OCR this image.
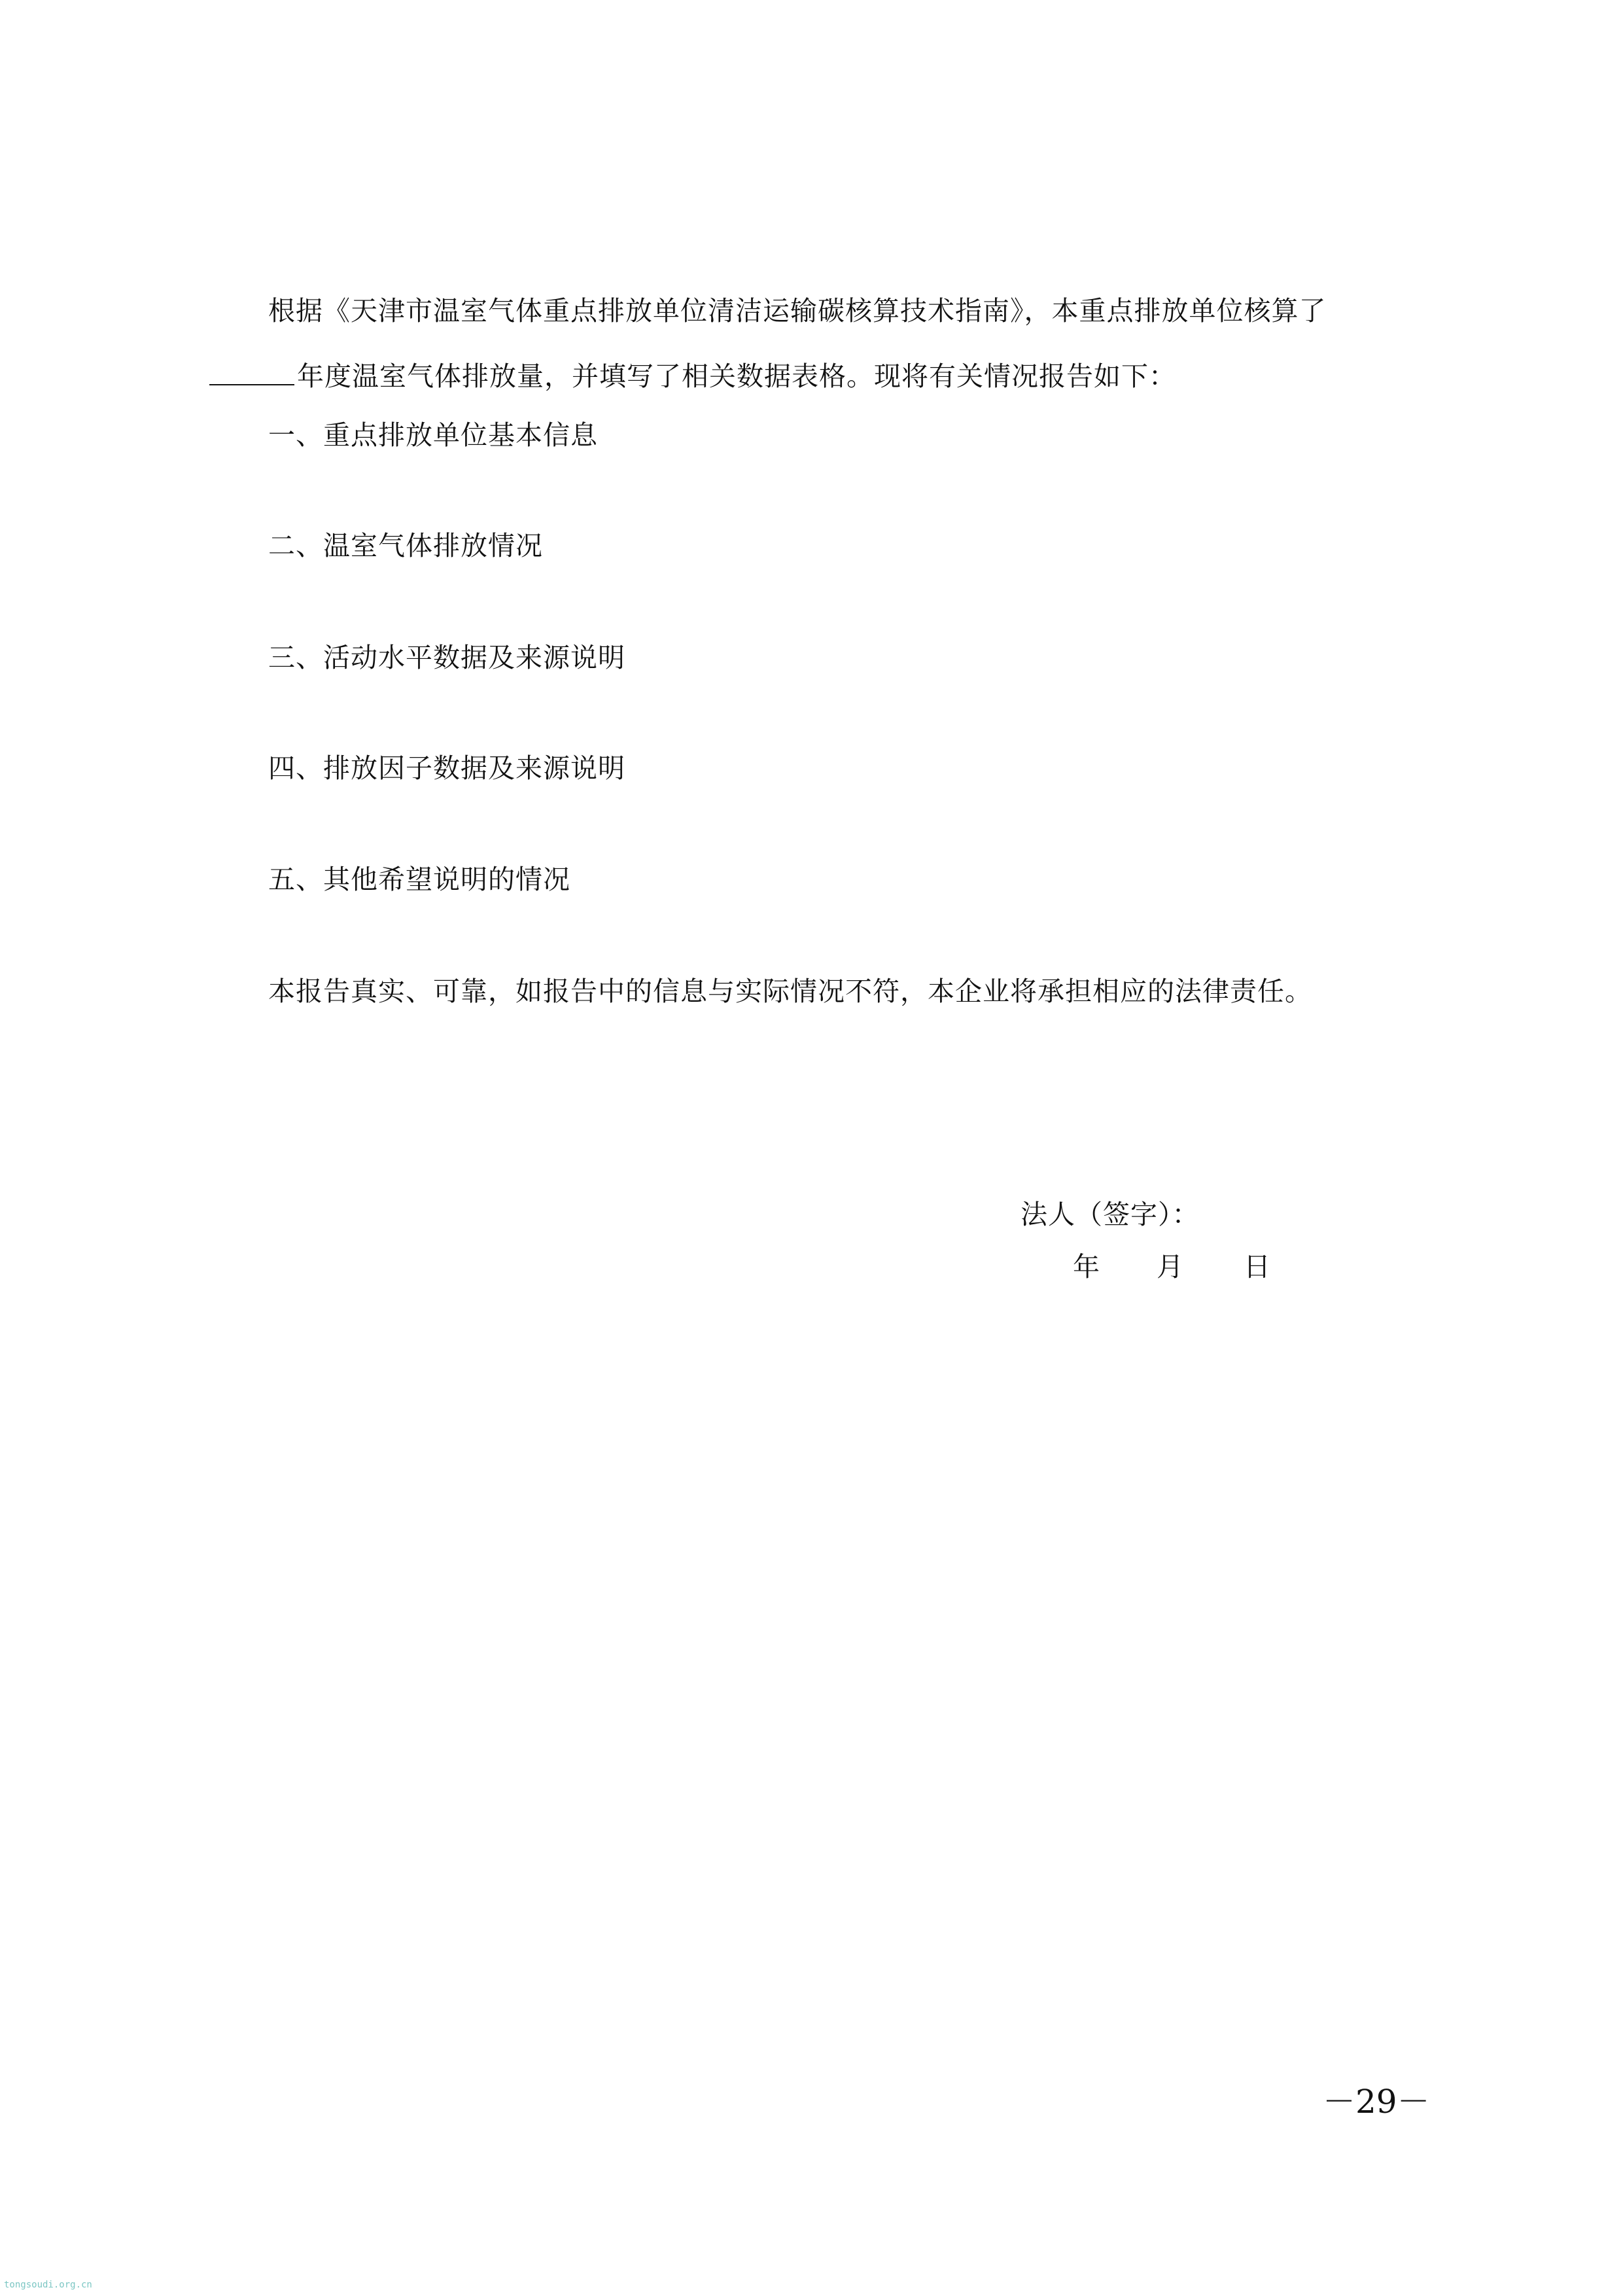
根据《天津市温室气体重点排放单位清洁运输碳核算技术指南》，本重点排放单位核算了
年度温室气体排放量，并填写了相关数据表格。现将有关情况报告如下：
一、重点排放单位基本信息
二、温室气体排放情况
三、活动水平数据及来源说明
四、排放因子数据及来源说明
五、其他希望说明的情况
本报告真实、可靠，如报告中的信息与实际情况不符，本企业将承担相应的法律责任。
法人（签字）：
年 月 日
－29－
tongsoudi.org.cn
